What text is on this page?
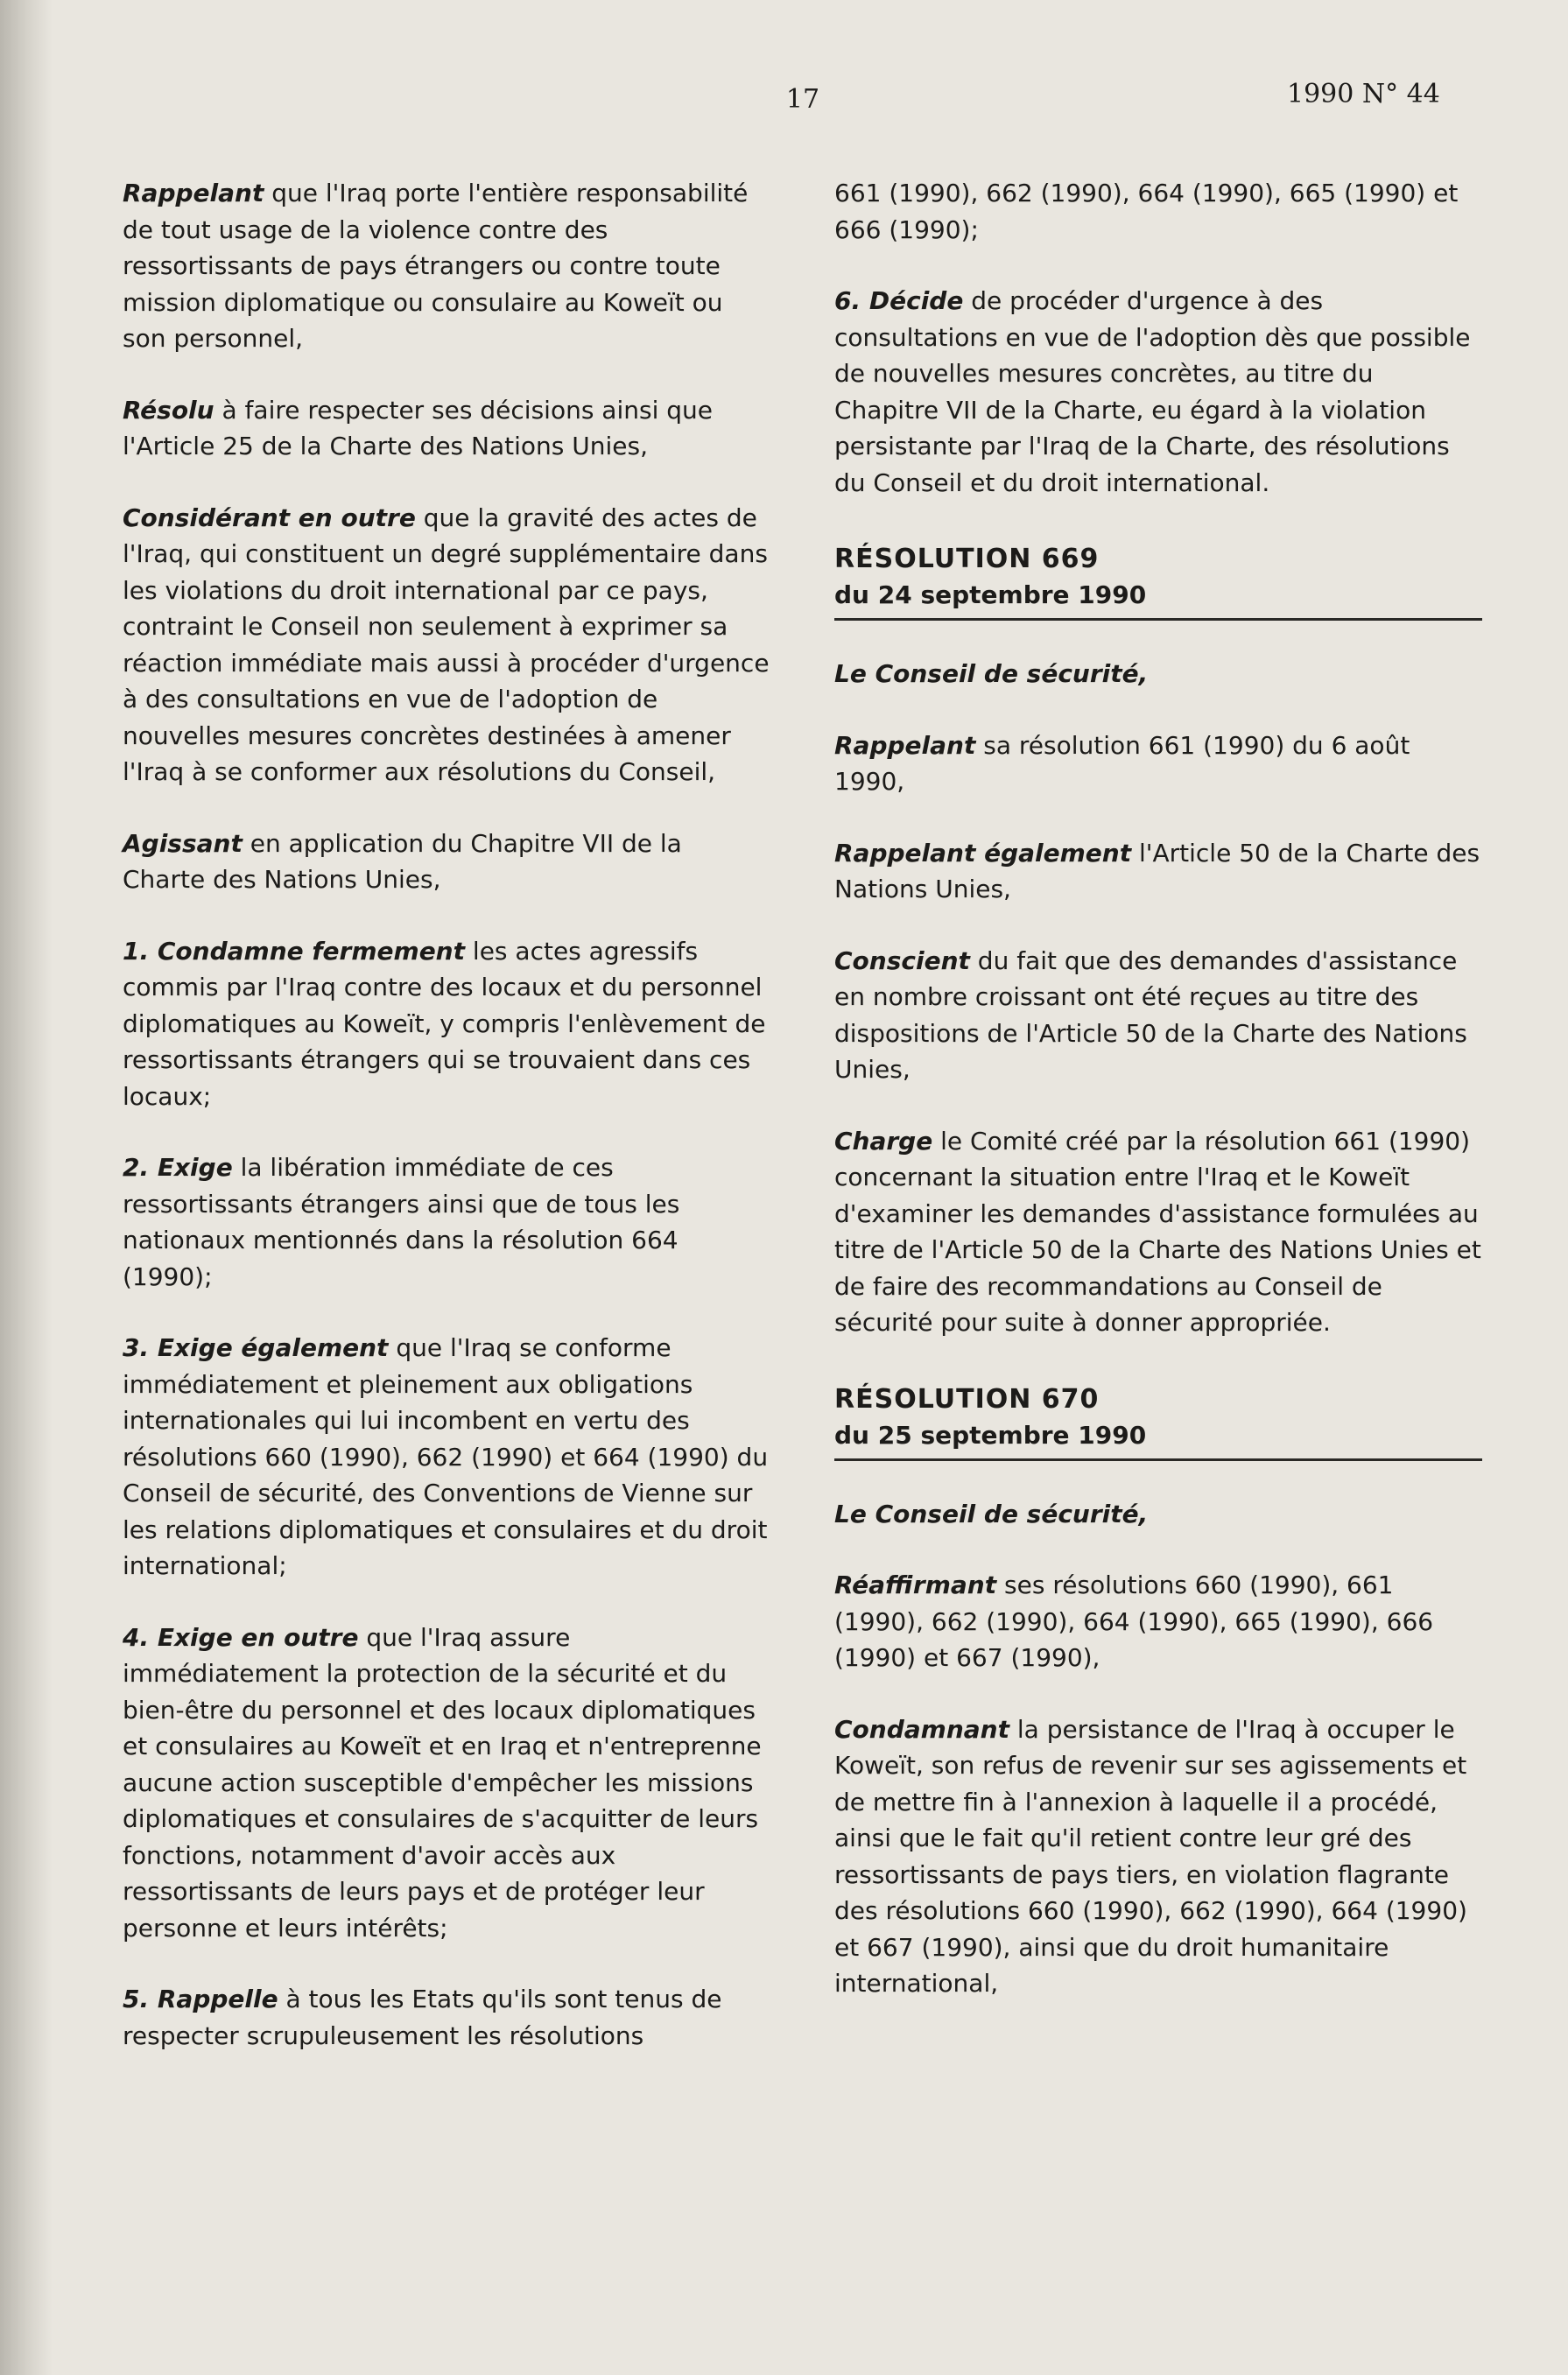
17	1990 N° 44

Rappelant que l'Iraq porte l'entière responsabilité de tout usage de la violence contre des ressortissants de pays étrangers ou contre toute mission diplomatique ou consulaire au Koweït ou son personnel,

Résolu à faire respecter ses décisions ainsi que l'Article 25 de la Charte des Nations Unies,

Considérant en outre que la gravité des actes de l'Iraq, qui constituent un degré supplémentaire dans les violations du droit international par ce pays, contraint le Conseil non seulement à exprimer sa réaction immédiate mais aussi à procéder d'urgence à des consultations en vue de l'adoption de nouvelles mesures concrètes destinées à amener l'Iraq à se conformer aux résolutions du Conseil,

Agissant en application du Chapitre VII de la Charte des Nations Unies,

1. Condamne fermement les actes agressifs commis par l'Iraq contre des locaux et du personnel diplomatiques au Koweït, y compris l'enlèvement de ressortissants étrangers qui se trouvaient dans ces locaux;

2. Exige la libération immédiate de ces ressortissants étrangers ainsi que de tous les nationaux mentionnés dans la résolution 664 (1990);

3. Exige également que l'Iraq se conforme immédiatement et pleinement aux obligations internationales qui lui incombent en vertu des résolutions 660 (1990), 662 (1990) et 664 (1990) du Conseil de sécurité, des Conventions de Vienne sur les relations diplomatiques et consulaires et du droit international;

4. Exige en outre que l'Iraq assure immédiatement la protection de la sécurité et du bien-être du personnel et des locaux diplomatiques et consulaires au Koweït et en Iraq et n'entreprenne aucune action susceptible d'empêcher les missions diplomatiques et consulaires de s'acquitter de leurs fonctions, notamment d'avoir accès aux ressortissants de leurs pays et de protéger leur personne et leurs intérêts;

5. Rappelle à tous les Etats qu'ils sont tenus de respecter scrupuleusement les résolutions

661 (1990), 662 (1990), 664 (1990), 665 (1990) et 666 (1990);

6. Décide de procéder d'urgence à des consultations en vue de l'adoption dès que possible de nouvelles mesures concrètes, au titre du Chapitre VII de la Charte, eu égard à la violation persistante par l'Iraq de la Charte, des résolutions du Conseil et du droit international.

RÉSOLUTION 669
du 24 septembre 1990

Le Conseil de sécurité,

Rappelant sa résolution 661 (1990) du 6 août 1990,

Rappelant également l'Article 50 de la Charte des Nations Unies,

Conscient du fait que des demandes d'assistance en nombre croissant ont été reçues au titre des dispositions de l'Article 50 de la Charte des Nations Unies,

Charge le Comité créé par la résolution 661 (1990) concernant la situation entre l'Iraq et le Koweït d'examiner les demandes d'assistance formulées au titre de l'Article 50 de la Charte des Nations Unies et de faire des recommandations au Conseil de sécurité pour suite à donner appropriée.

RÉSOLUTION 670
du 25 septembre 1990

Le Conseil de sécurité,

Réaffirmant ses résolutions 660 (1990), 661 (1990), 662 (1990), 664 (1990), 665 (1990), 666 (1990) et 667 (1990),

Condamnant la persistance de l'Iraq à occuper le Koweït, son refus de revenir sur ses agissements et de mettre fin à l'annexion à laquelle il a procédé, ainsi que le fait qu'il retient contre leur gré des ressortissants de pays tiers, en violation flagrante des résolutions 660 (1990), 662 (1990), 664 (1990) et 667 (1990), ainsi que du droit humanitaire international,
